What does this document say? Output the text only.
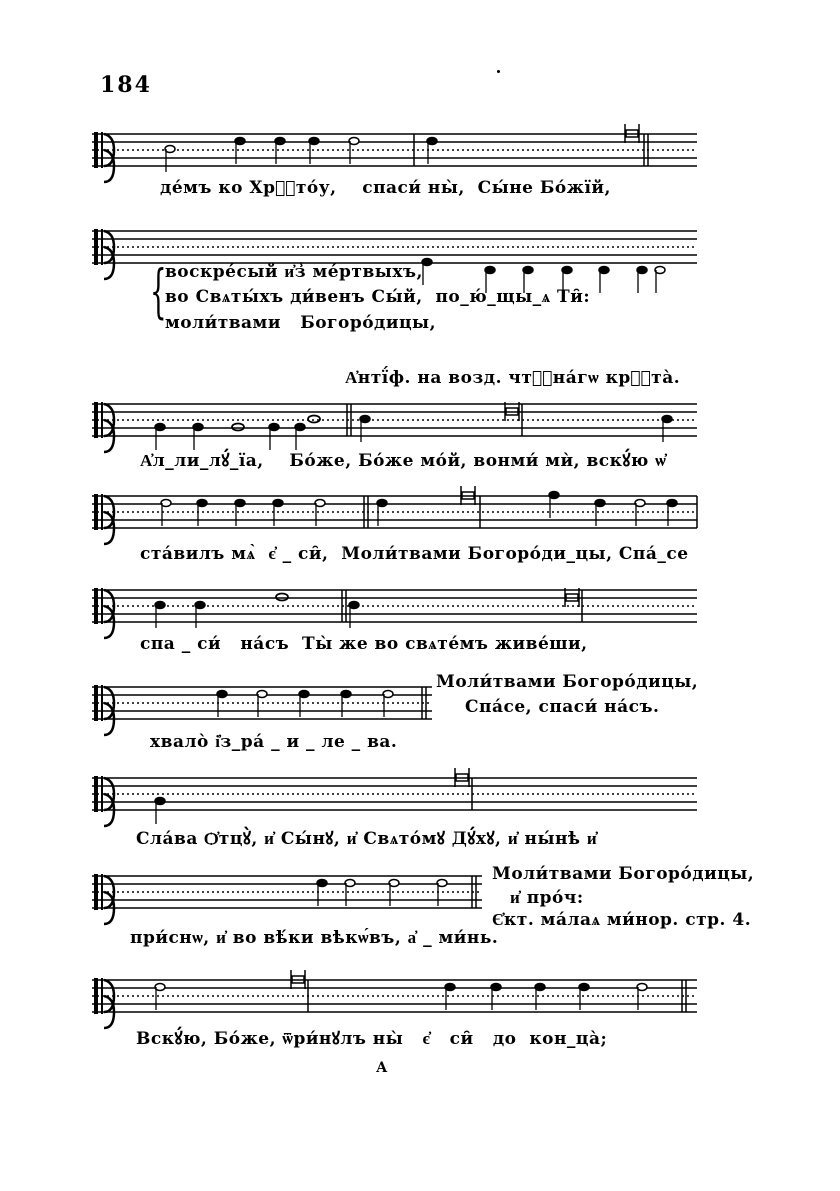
184
де́мъ ко Хрⷭ҇то́у,    спаси́ ны̀,  Сы́не Бо́жїй,
{
воскре́сый и҆з̾ ме́ртвыхъ,
во Свѧты́хъ ди́венъ Сы́й,  по_ю́_щы_ѧ Ти̑:
моли́твами   Богоро́дицы,
А҆нтї́ф. на возд. чтⷭ҇на́гѡ крⷭ҇та̀.
А҆л_ли_лꙋ́_їа,    Бо́же, Бо́же мо́й, вонми́ мѝ, вскꙋ́ю ѡ҆
ста́вилъ мѧ̀  є҆ _ си̑,  Моли́твами Богоро́ди_цы, Спа́_се
спа _ си́   на́съ  Ты̀ же во свѧте́мъ живе́ши,
Моли́твами Богоро́дицы,
Спа́се, спаси́ на́съ.
хвало̀ і҆з_ра́ _ и _ ле _ ва.
Сла́ва Ѻ҆тцꙋ̀, и҆ Сы́нꙋ, и҆ Свѧто́мꙋ Дꙋ́хꙋ, и҆ ны́нѣ и҆
Моли́твами Богоро́дицы,
и҆ про́ч:
Є҆кт. ма́лаѧ ми́нор. стр. 4.
при́снѡ, и҆ во вѣ́ки вѣкѡ́въ, а҆ _ ми́нь.
Вскꙋ́ю, Бо́же, ѿри́нꙋлъ ны̀   є҆   си̑   до  кон_ца̀;
А
